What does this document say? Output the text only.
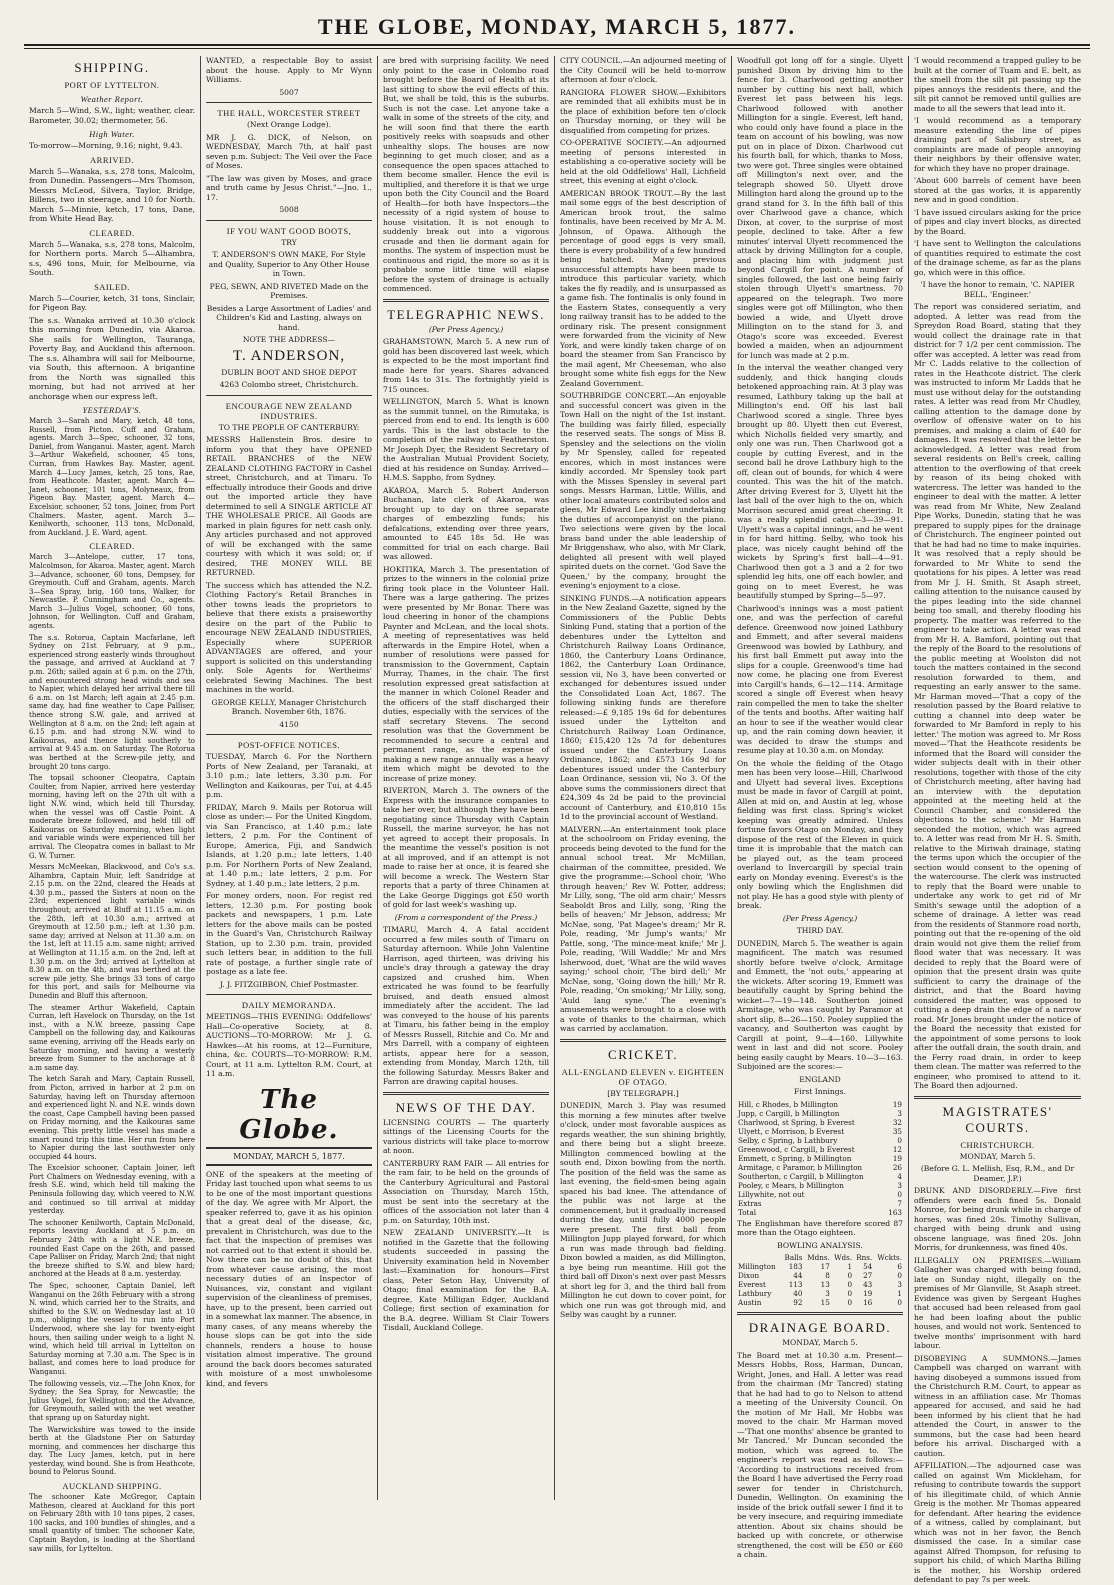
THE GLOBE, MONDAY, MARCH 5, 1877.
SHIPPING.
PORT OF LYTTELTON.
Weather Report.

March 5—Wind, S.W., light; weather, clear. Barometer, 30.02; thermometer, 56.

High Water.

To-morrow—Morning, 9.16; night, 9.43.

ARRIVED.

March 5—Wanaka, s.s, 278 tons, Malcolm, from Dunedin. Passengers—Mrs Thomson, Messrs McLeod, Silvera, Taylor, Bridge, Billens, two in steerage, and 10 for North. March 5—Minnie, ketch, 17 tons, Dane, from White Head Bay.

CLEARED.

March 5—Wanaka, s.s, 278 tons, Malcolm, for Northern ports. March 5—Alhambra, s.s, 496 tons, Muir, for Melbourne, via South.

SAILED.

March 5—Courier, ketch, 31 tons, Sinclair, for Pigeon Bay.

The s.s. Wanaka arrived at 10.30 o'clock this morning from Dunedin, via Akaroa. She sails for Wellington, Tauranga, Poverty Bay, and Auckland this afternoon. The s.s. Alhambra will sail for Melbourne, via South, this afternoon. A brigantine from the North was signalled this morning, but had not arrived at her anchorage when our express left.

YESTERDAY'S.

March 3—Sarah and Mary, ketch, 48 tons, Russell, from Picton. Cuff and Graham, agents. March 3—Spec, schooner, 32 tons, Daniel, from Wanganui. Master, agent. March 3—Arthur Wakefield, schooner, 45 tons, Curran, from Hawkes Bay. Master, agent. March 4—Lucy James, ketch, 25 tons, Rae, from Heathcote. Master, agent. March 4—Janet, schooner, 101 tons, Molyneaux, from Pigeon Bay. Master, agent. March 4—Excelsior, schooner, 52 tons, Joiner, from Port Chalmers. Master, agent. March 3—Kenilworth, schooner, 113 tons, McDonald, from Auckland. J. E. Ward, agent.

CLEARED.

March 3—Antelope, cutter, 17 tons, Malcolmson, for Akaroa. Master, agent. March 3—Advance, schooner, 60 tons, Dempsey, for Greymouth. Cuff and Graham, agents. March 3—Sea Spray, brig, 160 tons, Walker, for Newcastle. P. Cunningham and Co., agents. March 3—Julius Vogel, schooner, 60 tons, Johnson, for Wellington. Cuff and Graham, agents.

The s.s. Rotorua, Captain Macfarlane, left Sydney on 21st February, at 9 p.m., experienced strong easterly winds throughout the passage, and arrived at Auckland at 7 p.m. 26th; sailed again at 6 p.m. on the 27th, and encountered strong head winds and sea to Napier, which delayed her arrival there till 6 a.m. on 1st March; left again at 2.45 p.m. same day, had fine weather to Cape Palliser, thence strong S.W. gale, and arrived at Wellington at 8 a.m. on the 2nd; left again at 6.15 p.m. and had strong N.W. wind to Kaikouras, and thence light southerly to arrival at 9.45 a.m. on Saturday. The Rotorua was berthed at the Screw-pile jetty, and brought 20 tons cargo.

The topsail schooner Cleopatra, Captain Coulter, from Napier, arrived here yesterday morning, having left on the 27th ult with a light N.W. wind, which held till Thursday, when the vessel was off Castle Point. A moderate breeze followed, and held till off Kaikouras on Saturday morning, when light and variable winds were experienced till her arrival. The Cleopatra comes in ballast to Mr G. W. Turner.

Messrs McMeekan, Blackwood, and Co's s.s. Alhambra, Captain Muir, left Sandridge at 2.15 p.m. on the 22nd, cleared the Heads at 4.30 p.m., passed the Sisters at noon on the 23rd; experienced light variable winds throughout; arrived at Bluff at 11.15 a.m. on the 28th, left at 10.30 a.m.; arrived at Greymouth at 12.50 p.m.; left at 1.30 p.m. same day; arrived at Nelson at 11.30 a.m. on the 1st, left at 11.15 a.m. same night; arrived at Wellington at 11.15 a.m. on the 2nd, left at 1.30 p.m. on the 3rd; arrived at Lyttelton at 8.30 a.m. on the 4th, and was berthed at the screw pile jetty. She brings 33 tons of cargo for this port, and sails for Melbourne via Dunedin and Bluff this afternoon.

The steamer Arthur Wakefield, Captain Curran, left Havelock on Thursday, on the 1st inst., with a N.W. breeze, passing Cape Campbell on the following day, and Kaikouras same evening, arriving off the Heads early on Saturday morning, and having a westerly breeze from Sumner to the anchorage at 8 a.m same day.

The ketch Sarah and Mary, Captain Russell, from Picton, arrived in harbor at 2 p.m on Saturday, having left on Thursday afternoon and experienced light N. and N.E. winds down the coast, Cape Campbell having been passed on Friday morning, and the Kaikouras same evening. This pretty little vessel has made a smart round trip this time. Her run from here to Napier during the last southwester only occupied 44 hours.

The Excelsior schooner, Captain Joiner, left Port Chalmers on Wednesday evening, with a fresh S.E. wind, which held till making the Peninsula following day, which veered to N.W. and continued so till arrival at midday yesterday.

The schooner Kenilworth, Captain McDonald, reports leaving Auckland at 5 p.m. on February 24th with a light N.E. breeze, rounded East Cape on the 26th, and passed Cape Palliser on Friday, March 2nd; that night the breeze shifted to S.W. and blew hard; anchored at the Heads at 8 a.m. yesterday.

The Spec, schooner, Captain Daniel, left Wanganui on the 26th February with a strong N. wind, which carried her to the Straits, and shifted to the S.W. on Wednesday last at 10 p.m., obliging the vessel to run into Port Underwood, where she lay for twenty-eight hours, then sailing under weigh to a light N. wind, which held till arrival in Lyttelton on Saturday morning at 7.30 a.m. The Spec is in ballast, and comes here to load produce for Wanganui.

The following vessels, viz.—The John Knox, for Sydney; the Sea Spray, for Newcastle; the Julius Vogel, for Wellington; and the Advance, for Greymouth, sailed with the wet weather that sprang up on Saturday night.

The Warwickshire was towed to the inside berth at the Gladstone Pier on Saturday morning, and commences her discharge this day. The Lucy James, ketch, put in here yesterday, wind bound. She is from Heathcote, bound to Pelorus Sound.

AUCKLAND SHIPPING.

The schooner Kate McGregor, Captain Matheson, cleared at Auckland for this port on February 28th with 10 tons pipes, 2 cases, 100 sacks, and 100 bundles of shingles, and a small quantity of timber. The schooner Kate, Captain Baydon, is loading at the Shortland saw mills, for Lyttelton.

WANTED, a respectable Boy to assist about the house. Apply to Mr Wynn Williams.

5007

THE HALL, WORCESTER STREET

(Next Orange Lodge).

MR J. G. DICK, of Nelson, on WEDNESDAY, March 7th, at half past seven p.m. Subject: The Veil over the Face of Moses.

"The law was given by Moses, and grace and truth came by Jesus Christ."—Jno. 1., 17.

5008

IF YOU WANT GOOD BOOTS,

TRY

T. ANDERSON'S OWN MAKE, For Style and Quality, Superior to Any Other House in Town.

PEG, SEWN, AND RIVETED Made on the Premises.

Besides a Large Assortment of Ladies' and Children's Kid and Lasting, always on hand.

NOTE THE ADDRESS—

T. ANDERSON,

DUBLIN BOOT AND SHOE DEPOT

4263 Colombo street, Christchurch.

ENCOURAGE NEW ZEALAND INDUSTRIES.

TO THE PEOPLE OF CANTERBURY:

MESSRS Hallenstein Bros. desire to inform you that they have OPENED RETAIL BRANCHES of the NEW ZEALAND CLOTHING FACTORY in Cashel street, Christchurch, and at Timaru. To effectually introduce their Goods and drive out the imported article they have determined to sell A SINGLE ARTICLE AT THE WHOLESALE PRICE. All Goods are marked in plain figures for nett cash only. Any articles purchased and not approved of will be exchanged with the same courtesy with which it was sold; or, if desired, THE MONEY WILL BE RETURNED.

The success which has attended the N.Z. Clothing Factory's Retail Branches in other towns leads the proprietors to believe that there exists a praiseworthy desire on the part of the Public to encourage NEW ZEALAND INDUSTRIES, Especially where SUPERIOR ADVANTAGES are offered, and your support is solicited on this understanding only. Sole Agents for Wertheims' celebrated Sewing Machines. The best machines in the world.

GEORGE KELLY, Manager Christchurch Branch. November 6th, 1876.

4150

POST-OFFICE NOTICES.

TUESDAY, March 6. For the Northern Ports of New Zealand, per Taranaki, at 3.10 p.m.; late letters, 3.30 p.m. For Wellington and Kaikouras, per Tui, at 4.45 p.m.

FRIDAY, March 9. Mails per Rotorua will close as under:— For the United Kingdom, via San Francisco, at 1.40 p.m.; late letters, 2 p.m. For the Continent of Europe, America, Fiji, and Sandwich Islands, at 1.20 p.m.; late letters, 1.40 p.m. For Northern Ports of New Zealand, at 1.40 p.m.; late letters, 2 p.m. For Sydney, at 1.40 p.m.; late letters, 2 p.m.

For money orders, noon. For regist red letters, 12.30 p.m. For posting book packets and newspapers, 1 p.m. Late letters for the above mails can be posted in the Guard's Van, Christchurch Railway Station, up to 2.30 p.m. train, provided such letters bear, in addition to the full rate of postage, a further single rate of postage as a late fee.

J. J. FITZGIBBON, Chief Postmaster.

DAILY MEMORANDA.

MEETINGS—THIS EVENING: Oddfellows' Hall—Co-operative Society, at 8. AUCTIONS—TO-MORROW: Mr J. G. Hawkes—At his rooms, at 12—Furniture, china, &c. COURTS—TO-MORROW: R.M. Court, at 11 a.m. Lyttelton R.M. Court, at 11 a.m.

The Globe.
MONDAY, MARCH 5, 1877.

ONE of the speakers at the meeting of Friday last touched upon what seems to us to be one of the most important questions of the day. We agree with Mr Alport, the speaker referred to, gave it as his opinion that a great deal of the disease, &c, prevalent in Christchurch, was due to the fact that the inspection of premises was not carried out to that extent it should be. Now there can be no doubt of this, that from whatever cause arising, the most necessary duties of an Inspector of Nuisances, viz, constant and vigilant supervision of the cleanliness of premises, have, up to the present, been carried out in a somewhat lax manner. The absence, in many cases, of any means whereby the house slops can be got into the side channels, renders a house to house visitation almost imperative. The ground around the back doors becomes saturated with moisture of a most unwholesome kind, and fevers

are bred with surprising facility. We need only point to the case in Colombo road brought before the Board of Health at its last sitting to show the evil effects of this. But, we shall be told, this is the suburbs. Such is not the case. Let anyone take a walk in some of the streets of the city, and he will soon find that there the earth positively reeks with soapsuds and other unhealthy slops. The houses are now beginning to get much closer, and as a consequence the open spaces attached to them become smaller. Hence the evil is multiplied, and therefore it is that we urge upon both the City Council and the Board of Health—for both have Inspectors—the necessity of a rigid system of house to house visitation. It is not enough to suddenly break out into a vigorous crusade and then lie dormant again for months. The system of inspection must be continuous and rigid, the more so as it is probable some little time will elapse before the system of drainage is actually commenced.

TELEGRAPHIC NEWS.

(Per Press Agency.)

GRAHAMSTOWN, March 5. A new run of gold has been discovered last week, which is expected to be the most important find made here for years. Shares advanced from 14s to 31s. The fortnightly yield is 715 ounces.

WELLINGTON, March 5. What is known as the summit tunnel, on the Rimutaka, is pierced from end to end. Its length is 600 yards. This is the last obstacle to the completion of the railway to Featherston. Mr Joseph Dyer, the Resident Secretary of the Australian Mutual Provident Society, died at his residence on Sunday. Arrived—H.M.S. Sappho, from Sydney.

AKAROA, March 5. Robert Anderson Buchanan, late clerk of Akaroa, was brought up to day on three separate charges of embezzling funds; his defalcations, extending over three years, amounted to £45 18s 5d. He was committed for trial on each charge. Bail was allowed.

HOKITIKA, March 3. The presentation of prizes to the winners in the colonial prize firing took place in the Volunteer Hall. There was a large gathering. The prizes were presented by Mr Bonar. There was loud cheering in honor of the champions Paynter and McLean, and the local shots. A meeting of representatives was held afterwards in the Empire Hotel, when a number of resolutions were passed for transmission to the Government, Captain Murray, Thames, in the chair. The first resolution expressed great satisfaction at the manner in which Colonel Reader and the officers of the staff discharged their duties, especially with the services of the staff secretary Stevens. The second resolution was that the Government be recommended to secure a central and permanent range, as the expense of making a new range annually was a heavy item which might be devoted to the increase of prize money.

RIVERTON, March 3. The owners of the Express with the insurance companies to take her over, but although they have been negotiating since Thursday with Captain Russell, the marine surveyor, he has not yet agreed to accept their proposals. In the meantime the vessel's position is not at all improved, and if an attempt is not made to raise her at once, it is feared she will become a wreck. The Western Star reports that a party of three Chinamen at the Lake George Diggings got £50 worth of gold for last week's washing up.

(From a correspondent of the Press.)

TIMARU, March 4. A fatal accident occurred a few miles south of Timaru on Saturday afternoon. While John Valentine Harrison, aged thirteen, was driving his uncle's dray through a gateway the dray capsized and crushed him. When extricated he was found to be fearfully bruised, and death ensued almost immediately after the accident. The lad was conveyed to the house of his parents at Timaru, his father being in the employ of Messrs Russell, Ritchie and Co. Mr and Mrs Darrell, with a company of eighteen artists, appear here for a season, extending from Monday, March 12th, till the following Saturday. Messrs Baker and Farron are drawing capital houses.

NEWS OF THE DAY.

LICENSING COURTS — The quarterly sittings of the Licensing Courts for the various districts will take place to-morrow at noon.

CANTERBURY RAM FAIR — All entries for the ram fair, to be held on the grounds of the Canterbury Agricultural and Pastoral Association on Thursday, March 15th, must be sent into the secretary at the offices of the association not later than 4 p.m. on Saturday, 10th inst.

NEW ZEALAND UNIVERSITY.—It is notified in the Gazette that the following students succeeded in passing the University examination held in November last:—Examination for honours—First class, Peter Seton Hay, University of Otago; final examination for the B.A. degree, Kate Milligan Edger, Auckland College; first section of examination for the B.A. degree. William St Clair Towers Tisdall, Auckland College.

CITY COUNCIL.—An adjourned meeting of the City Council will be held to-morrow afternoon at four o'clock.

RANGIORA FLOWER SHOW.—Exhibitors are reminded that all exhibits must be in the place of exhibition before ten o'clock on Thursday morning, or they will be disqualified from competing for prizes.

CO-OPERATIVE SOCIETY.—An adjourned meeting of persons interested in establishing a co-operative society will be held at the old Oddfellows' Hall, Lichfield street, this evening at eight o'clock.

AMERICAN BROOK TROUT.—By the last mail some eggs of the best description of American brook trout, the salmo fontinalis, have been received by Mr A. M. Johnson, of Opawa. Although the percentage of good eggs is very small, there is every probability of a few hundred being hatched. Many previous unsuccessful attempts have been made to introduce this particular variety, which takes the fly readily, and is unsurpassed as a game fish. The fontinalis is only found in the Eastern States, consequently a very long railway transit has to be added to the ordinary risk. The present consignment were forwarded from the vicinity of New York, and were kindly taken charge of on board the steamer from San Francisco by the mail agent, Mr Cheeseman, who also brought some white fish eggs for the New Zealand Government.

SOUTHBRIDGE CONCERT.—An enjoyable and successful concert was given in the Town Hall on the night of the 1st instant. The building was fairly filled, especially the reserved seats. The songs of Miss B. Spensley and the selections on the violin by Mr Spensley, called for repeated encores, which in most instances were kindly accorded. Mr Spensley took part with the Misses Spensley in several part songs. Messrs Harman, Little, Willis, and other local amateurs contributed solos and glees, Mr Edward Lee kindly undertaking the duties of accompanyist on the piano. Two selections were given by the local brass band under the able leadership of Mr Briggenshaw, who also, with Mr Clark, delighted all present with well played spirited duets on the cornet. 'God Save the Queen,' by the company, brought the evening's enjoyment to a close.

SINKING FUNDS.—A notification appears in the New Zealand Gazette, signed by the Commissioners of the Public Debts Sinking Fund, stating that a portion of the debentures under the Lyttelton and Christchurch Railway Loans Ordinance, 1860, the Canterbury Loans Ordinance, 1862, the Canterbury Loan Ordinance, session vii, No 3, have been converted or exchanged for debentures issued under the Consolidated Loan Act, 1867. The following sinking funds are therefore released:—£ 9,185 19s 6d for debentures issued under the Lyttelton and Christchurch Railway Loan Ordinance, 1860; £15,420 12s 7d for debentures issued under the Canterbury Loans Ordinance, 1862; and £573 16s 9d for debentures issued under the Canterbury Loan Ordinance, session vii, No 3. Of the above sums the commissioners direct that £24,309 4s 2d be paid to the provincial account of Canterbury, and £10,810 15s 1d to the provincial account of Westland.

MALVERN.—An entertainment took place at the schoolroom on Friday evening, the proceeds being devoted to the fund for the annual school treat. Mr McMillan, chairman of the committee, presided. We give the programme:—School choir, 'Who through heaven;' Rev W. Potter, address; Mr Lilly, song, 'The old arm chair;' Messrs Seaboldt Bros and Lilly, song, 'Ring the bells of heaven;' Mr Jebson, address; Mr McNae, song, 'Pat Magee's dream;' Mr R. Pole, reading, 'Mr Jump's wants;' Mr Pattle, song, 'The mince-meat knife;' Mr J. Pole, reading, 'Will Waddle;' Mr and Mrs Isherwood, duet, 'What are the wild waves saying;' school choir, 'The bird dell;' Mr McNae, song, 'Going down the hill;' Mr R. Pole, reading, 'On smoking;' Mr Lilly, song, 'Auld lang syne.' The evening's amusements were brought to a close with a vote of thanks to the chairman, which was carried by acclamation.

CRICKET.
ALL-ENGLAND ELEVEN v. EIGHTEEN OF OTAGO.

[BY TELEGRAPH.]

DUNEDIN, March 3. Play was resumed this morning a few minutes after twelve o'clock, under most favorable auspices as regards weather, the sun shining brightly, and there being but a slight breeze. Millington commenced bowling at the south end, Dixon bowling from the north. The position of the field was the same as last evening, the field-smen being again spaced his bad knee. The attendance of the public was not large at the commencement, but it gradually increased during the day, until fully 4000 people were present. The first ball from Millington Jupp played forward, for which a run was made through bad fielding. Dixon bowled a maiden, as did Millington, a bye being run meantime. Hill got the third ball off Dixon's next over past Messrs at short leg for 3, and the third ball from Millington he cut down to cover point, for which one run was got through mid, and Selby was caught by a runner.

Woodfull got long off for a single. Ulyett punished Dixon by driving him to the fence for 3. Charlwood getting another number by cutting his next ball, which Everest let pass between his legs. Charlwood followed with another Millington for a single. Everest, left hand, who could only have found a place in the team on account of his bowling, was now put on in place of Dixon. Charlwood cut his fourth ball, for which, thanks to Moss, two were got. Three singles were obtained off Millington's next over, and the telegraph showed 50. Ulyett drove Millington hard along the ground up to the grand stand for 3. In the fifth ball of this over Charlwood gave a chance, which Dixon, at cover, to the surprise of most people, declined to take. After a few minutes' interval Ulyett recommenced the attack by driving Millington for a couple, and placing him with judgment just beyond Cargill for point. A number of singles followed, the last one being fairly stolen through Ulyett's smartness. 70 appeared on the telegraph. Two more singles were got off Millington, who then bowled a wide, and Ulyett drove Millington on to the stand for 3, and Otago's score was exceeded. Everest bowled a maiden, when an adjournment for lunch was made at 2 p.m.

In the interval the weather changed very suddenly, and thick hanging clouds betokened approaching rain. At 3 play was resumed, Lathbury taking up the ball at Millington's end. Off his last ball Charlwood scored a single. Three byes brought up 80. Ulyett then cut Everest, which Nicholls fielded very smartly, and only one was run. Then Charlwood got a couple by cutting Everest, and in the second ball he drove Lathbury high to the off, clean out of bounds, for which 4 were counted. This was the hit of the match. After driving Everest for 3, Ulyett hit the last ball of the over high to the on, which Morrison secured amid great cheering. It was a really splendid catch—3—39—91. Ulyett's was a capital innings, and he went in for hard hitting. Selby, who took his place, was nicely caught behind off the wickets by Spring's first ball—4—91. Charlwood then got a 3 and a 2 for two splendid leg hits, one off each bowler, and going on to meet Everest, he was beautifully stumped by Spring—5—97.

Charlwood's innings was a most patient one, and was the perfection of careful defence. Greenwood now joined Lathbury and Emmett, and after several maidens Greenwood was bowled by Lathbury, and his first ball Emmett put away into the slips for a couple. Greenwood's time had now come, he placing one from Everest into Cargill's hands, 6—12—114. Armitage scored a single off Everest when heavy rain compelled the men to take the shelter of the tents and booths. After waiting half an hour to see if the weather would clear up, and the rain coming down heavier, it was decided to draw the stumps and resume play at 10.30 a.m. on Monday.

On the whole the fielding of the Otago men has been very loose—Hill, Charlwood and Ulyett had several lives. Exceptions must be made in favor of Cargill at point, Allen at mid on, and Austin at leg, whose fielding was first class. Spring's wicket keeping was greatly admired. Unless fortune favors Otago on Monday, and they dispose of the rest of the Eleven in quick time it is improbable that the match can be played out, as the team proceed overland to Invercargill by special train early on Monday evening. Everest's is the only bowling which the Englishmen did not play. He has a good style with plenty of break.

(Per Press Agency.)

THIRD DAY.

DUNEDIN, March 5. The weather is again magnificent. The match was resumed shortly before twelve o'clock, Armitage and Emmett, the 'not outs,' appearing at the wickets. After scoring 19, Emmett was beautifully caught by Spring behind the wicket—7—19—148. Southerton joined Armitage, who was caught by Paramor at short slip, 8—26—150. Pooley supplied the vacancy, and Southerton was caught by Cargill at point, 9—4—160. Lillywhite went in last and did not score. Pooley being easily caught by Mears. 10—3—163. Subjoined are the scores:—

ENGLAND

First Innings.

Hill, c Rhodes, b Millington	19
Jupp, c Cargill, b Millington	3
Charlwood, st Spring, b Everest	32
Ulyett, c Morrison, b Everest	35
Selby, c Spring, b Lathbury	0
Greenwood, c Cargill, b Everest	12
Emmett, c Spring, b Millington	19
Armitage, c Paramor, b Millington	26
Southerton, c Cargill, b Millington	4
Pooley, c Mears, b Millington	3
Lillywhite, not out	0
Extras	7
Total	163

The Englishman have therefore scored 87 more than the Otago eighteen.

BOWLING ANALYSIS.

	Balls	Mdns.	Wds.	Rns.	Wckts.
Millington	183	17	1	54	6
Dixon	44	8	0	27	0
Everest	113	13	0	43	3
Lathbury	40	3	0	19	1
Austin	92	15	0	16	0
DRAINAGE BOARD.

MONDAY, March 5.

The Board met at 10.30 a.m. Present—Messrs Hobbs, Ross, Harman, Duncan, Wright, Jones, and Hall. A letter was read from the chairman (Mr Tancred) stating that he had had to go to Nelson to attend a meeting of the University Council. On the motion of Mr Hall, Mr Hobbs was moved to the chair. Mr Harman moved—'That one months' absence be granted to Mr Tancred.' Mr Duncan seconded the motion, which was agreed to. The engineer's report was read as follows:— 'According to instructions received from the Board I have advertised the Ferry road sewer for tender in Christchurch, Dunedin, Wellington. On examining the inside of the brick outfall sewer I find it to be very insecure, and requiring immediate attention. About six chains should be backed up with concrete, or otherwise strengthened, the cost will be £50 or £60 a chain.

'I would recommend a trapped gulley to be built at the corner of Tuam and E. belt, as the smell from the silt pit passing up the pipes annoys the residents there, and the silt pit cannot be removed until gullies are made to all the sewers that lead into it.

'I would recommend as a temporary measure extending the line of pipes draining part of Salisbury street, as complaints are made of people annoying their neighbors by their offensive water, for which they have no proper drainage.

'About 600 barrels of cement have been stored at the gas works, it is apparently new and in good condition.

'I have issued circulars asking for the price of pipes and clay invert blocks, as directed by the Board.

'I have sent to Wellington the calculations of quantities required to estimate the cost of the drainage scheme, as far as the plans go, which were in this office.

'I have the honor to remain, 'C. NAPIER BELL, 'Engineer.'

The report was considered seriatim, and adopted. A letter was read from the Spreydon Road Board, stating that they would collect the drainage rate in that district for 7 1/2 per cent commission. The offer was accepted. A letter was read from Mr C. Ladds relative to the collection of rates in the Heathcote district. The clerk was instructed to inform Mr Ladds that he must use without delay for the outstanding rates. A letter was read from Mr Chudley, calling attention to the damage done by overflow of offensive water on to his premises, and making a claim of £40 for damages. It was resolved that the letter be acknowledged. A letter was read from several residents on Bell's creek, calling attention to the overflowing of that creek by reason of its being choked with watercress. The letter was handed to the engineer to deal with the matter. A letter was read from Mr White, New Zealand Pipe Works, Dunedin, stating that he was prepared to supply pipes for the drainage of Christchurch. The engineer pointed out that he had had no time to make inquiries. It was resolved that a reply should be forwarded to Mr White to send the quotations for his pipes. A letter was read from Mr J. H. Smith, St Asaph street, calling attention to the nuisance caused by the pipes leading into the side channel being too small, and thereby flooding his property. The matter was referred to the engineer to take action. A letter was read from Mr H. A. Bamford, pointing out that the reply of the Board to the resolutions of the public meeting at Woolston did not touch the matters contained in the second resolution forwarded to them, and requesting an early answer to the same. Mr Harman moved—'That a copy of the resolution passed by the Board relative to cutting a channel into deep water be forwarded to Mr Bamford in reply to his letter.' The motion was agreed to. Mr Ross moved—'That the Heathcote residents be informed that the Board will consider the wider subjects dealt with in their other resolutions, together with those of the city of Christchurch meeting, after having had an interview with the deputation appointed at the meeting held at the Council Chamber, and considered the objections to the scheme.' Mr Harman seconded the motion, which was agreed to. A letter was read from Mr H. S. Smith, relative to the Miriwah drainage, stating the terms upon which the occupier of the section would consent to the opening of the watercourse. The clerk was instructed to reply that the Board were unable to undertake any work to get rid of Mr Smith's sewage until the adoption of a scheme of drainage. A letter was read from the residents of Stanmore road north, pointing out that the re-opening of the old drain would not give them the relief from flood water that was necessary. It was decided to reply that the Board were of opinion that the present drain was quite sufficient to carry the drainage of the district, and that the Board having considered the matter, was opposed to cutting a deep drain the edge of a narrow road. Mr Jones brought under the notice of the Board the necessity that existed for the appointment of some persons to look after the outfall drain, the south drain, and the Ferry road drain, in order to keep them clean. The matter was referred to the engineer, who promised to attend to it. The Board then adjourned.

MAGISTRATES' COURTS.
CHRISTCHURCH.

MONDAY, March 5.

(Before G. L. Mellish, Esq, R.M., and Dr Deamer, J.P.)

DRUNK AND DISORDERLY.—Five first offenders were each fined 5s. Donald Monroe, for being drunk while in charge of horses, was fined 20s. Timothy Sullivan, charged with being drunk and using obscene language, was fined 20s. John Morris, for drunkenness, was fined 40s.

ILLEGALLY ON PREMISES.—William Gallagher was charged with being found, late on Sunday night, illegally on the premises of Mr Glanville, St Asaph street. Evidence was given by Sergeant Hughes that accused had been released from gaol he had been loafing about the public houses, and would not work. Sentenced to twelve months' imprisonment with hard labour.

DISOBEYING A SUMMONS.—James Campbell was charged on warrant with having disobeyed a summons issued from the Christchurch R.M. Court, to appear as witness in an affiliation case. Mr Thomas appeared for accused, and said he had been informed by his client that he had attended the Court, in answer to the summons, but the case had been heard before his arrival. Discharged with a caution.

AFFILIATION.—The adjourned case was called on against Wm Mickleham, for refusing to contribute towards the support of his illegitimate child, of which Annie Greig is the mother. Mr Thomas appeared for defendant. After hearing the evidence of a witness, called by complainant, but which was not in her favor, the Bench dismissed the case. In a similar case against Alfred Thompson, for refusing to support his child, of which Martha Billing is the mother, his Worship ordered defendant to pay 7s per week.
